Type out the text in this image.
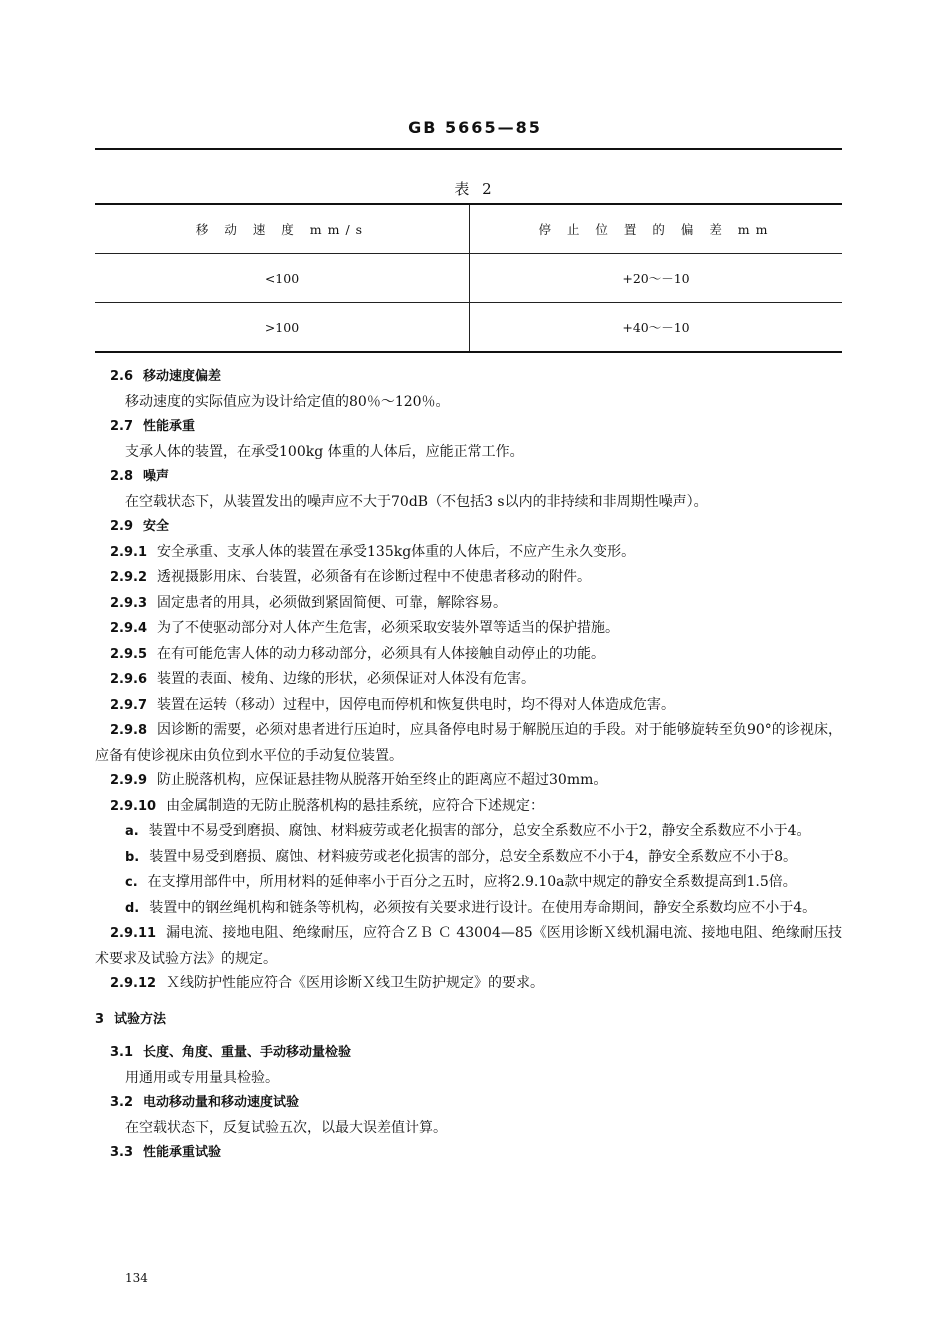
GB 5665—85
表 2
移 动 速 度 mm/s	停 止 位 置 的 偏 差 mm
<100	+20～－10
>100	+40～－10
2.6 移动速度偏差
移动速度的实际值应为设计给定值的80％～120％。
2.7 性能承重
支承人体的装置，在承受100kg 体重的人体后，应能正常工作。
2.8 噪声
在空载状态下，从装置发出的噪声应不大于70dB（不包括3 s以内的非持续和非周期性噪声）。
2.9 安全
2.9.1 安全承重、支承人体的装置在承受135kg体重的人体后，不应产生永久变形。
2.9.2 透视摄影用床、台装置，必须备有在诊断过程中不使患者移动的附件。
2.9.3 固定患者的用具，必须做到紧固简便、可靠，解除容易。
2.9.4 为了不使驱动部分对人体产生危害，必须采取安装外罩等适当的保护措施。
2.9.5 在有可能危害人体的动力移动部分，必须具有人体接触自动停止的功能。
2.9.6 装置的表面、棱角、边缘的形状，必须保证对人体没有危害。
2.9.7 装置在运转（移动）过程中，因停电而停机和恢复供电时，均不得对人体造成危害。
2.9.8 因诊断的需要，必须对患者进行压迫时，应具备停电时易于解脱压迫的手段。对于能够旋转至负90°的诊视床，应备有使诊视床由负位到水平位的手动复位装置。
2.9.9 防止脱落机构，应保证悬挂物从脱落开始至终止的距离应不超过30mm。
2.9.10 由金属制造的无防止脱落机构的悬挂系统，应符合下述规定：
a. 装置中不易受到磨损、腐蚀、材料疲劳或老化损害的部分，总安全系数应不小于2，静安全系数应不小于4。
b. 装置中易受到磨损、腐蚀、材料疲劳或老化损害的部分，总安全系数应不小于4，静安全系数应不小于8。
c. 在支撑用部件中，所用材料的延伸率小于百分之五时，应将2.9.10a款中规定的静安全系数提高到1.5倍。
d. 装置中的钢丝绳机构和链条等机构，必须按有关要求进行设计。在使用寿命期间，静安全系数均应不小于4。
2.9.11 漏电流、接地电阻、绝缘耐压，应符合ＺＢ Ｃ 43004—85《医用诊断Ｘ线机漏电流、接地电阻、绝缘耐压技术要求及试验方法》的规定。
2.9.12 Ｘ线防护性能应符合《医用诊断Ｘ线卫生防护规定》的要求。
3 试验方法
3.1 长度、角度、重量、手动移动量检验
用通用或专用量具检验。
3.2 电动移动量和移动速度试验
在空载状态下，反复试验五次，以最大误差值计算。
3.3 性能承重试验
134
